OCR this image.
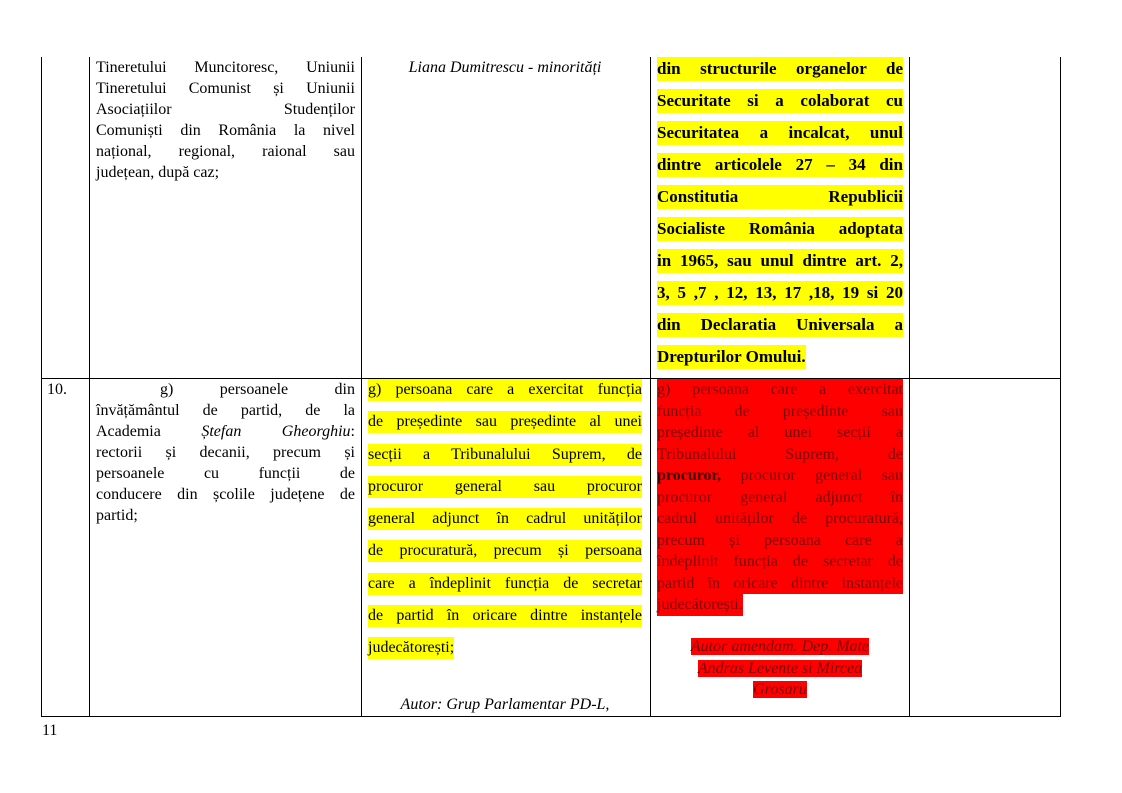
Tineretului Muncitoresc, Uniunii
Tineretului Comunist și Uniunii
Asociațiilor Studenților
Comuniști din România la nivel
național, regional, raional sau
județean, după caz;
Liana Dumitrescu - minorități	din structurile organelor de
Securitate si a colaborat cu
Securitatea a incalcat, unul
dintre articolele 27 – 34 din
Constitutia Republicii
Socialiste România adoptata
in 1965, sau unul dintre art. 2,
3, 5 ,7 , 12, 13, 17 ,18, 19 si 20
din Declaratia Universala a
Drepturilor Omului.
10.	g) persoanele din
învățământul de partid, de la
Academia Ștefan Gheorghiu:
rectorii și decanii, precum și
persoanele cu funcții de
conducere din școlile județene de
partid;
g) persoana care a exercitat funcția
de președinte sau președinte al unei
secții a Tribunalului Suprem, de
procuror general sau procuror
general adjunct în cadrul unităților
de procuratură, precum și persoana
care a îndeplinit funcția de secretar
de partid în oricare dintre instanțele
judecătorești;
Autor: Grup Parlamentar PD-L,
g) persoana care a exercitat
funcția de președinte sau
președinte al unei secții a
Tribunalului Suprem, de
procuror, procuror general sau
procuror general adjunct în
cadrul unităților de procuratură,
precum și persoana care a
îndeplinit funcția de secretar de
partid în oricare dintre instanțele
judecătorești.
Autor amendam. Dep. Mate
Andras Levente si Mircea
Grosaru
11
